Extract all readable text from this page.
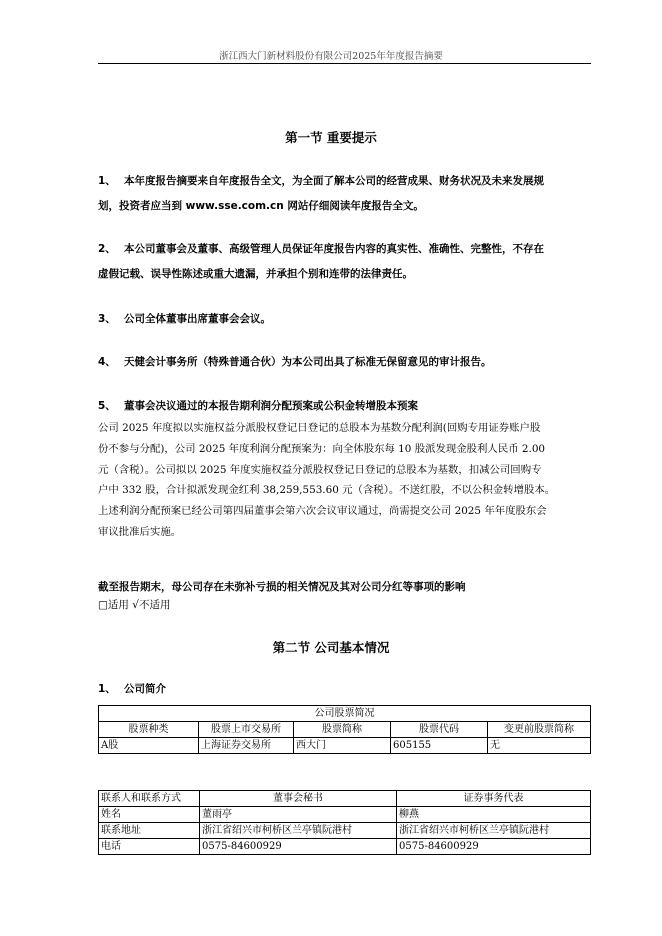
浙江西大门新材料股份有限公司2025年年度报告摘要
第一节 重要提示
1、 本年度报告摘要来自年度报告全文，为全面了解本公司的经营成果、财务状况及未来发展规
划，投资者应当到 www.sse.com.cn 网站仔细阅读年度报告全文。
2、 本公司董事会及董事、高级管理人员保证年度报告内容的真实性、准确性、完整性，不存在
虚假记载、误导性陈述或重大遗漏，并承担个别和连带的法律责任。
3、 公司全体董事出席董事会会议。
4、 天健会计事务所（特殊普通合伙）为本公司出具了标准无保留意见的审计报告。
5、 董事会决议通过的本报告期利润分配预案或公积金转增股本预案
公司 2025 年度拟以实施权益分派股权登记日登记的总股本为基数分配利润(回购专用证券账户股
份不参与分配)，公司 2025 年度利润分配预案为：向全体股东每 10 股派发现金股利人民币 2.00
元（含税）。公司拟以 2025 年度实施权益分派股权登记日登记的总股本为基数，扣减公司回购专
户中 332 股，合计拟派发现金红利 38,259,553.60 元（含税）。不送红股，不以公积金转增股本。
上述利润分配预案已经公司第四届董事会第六次会议审议通过，尚需提交公司 2025 年年度股东会
审议批准后实施。
截至报告期末，母公司存在未弥补亏损的相关情况及其对公司分红等事项的影响
□适用 √不适用
第二节 公司基本情况
1、 公司简介
公司股票简况				
股票种类	股票上市交易所	股票简称	股票代码	变更前股票简称
A股	上海证券交易所	西大门	605155	无
联系人和联系方式	董事会秘书	证券事务代表
姓名	董雨亭	柳燕
联系地址	浙江省绍兴市柯桥区兰亭镇阮港村	浙江省绍兴市柯桥区兰亭镇阮港村
电话	0575-84600929	0575-84600929
